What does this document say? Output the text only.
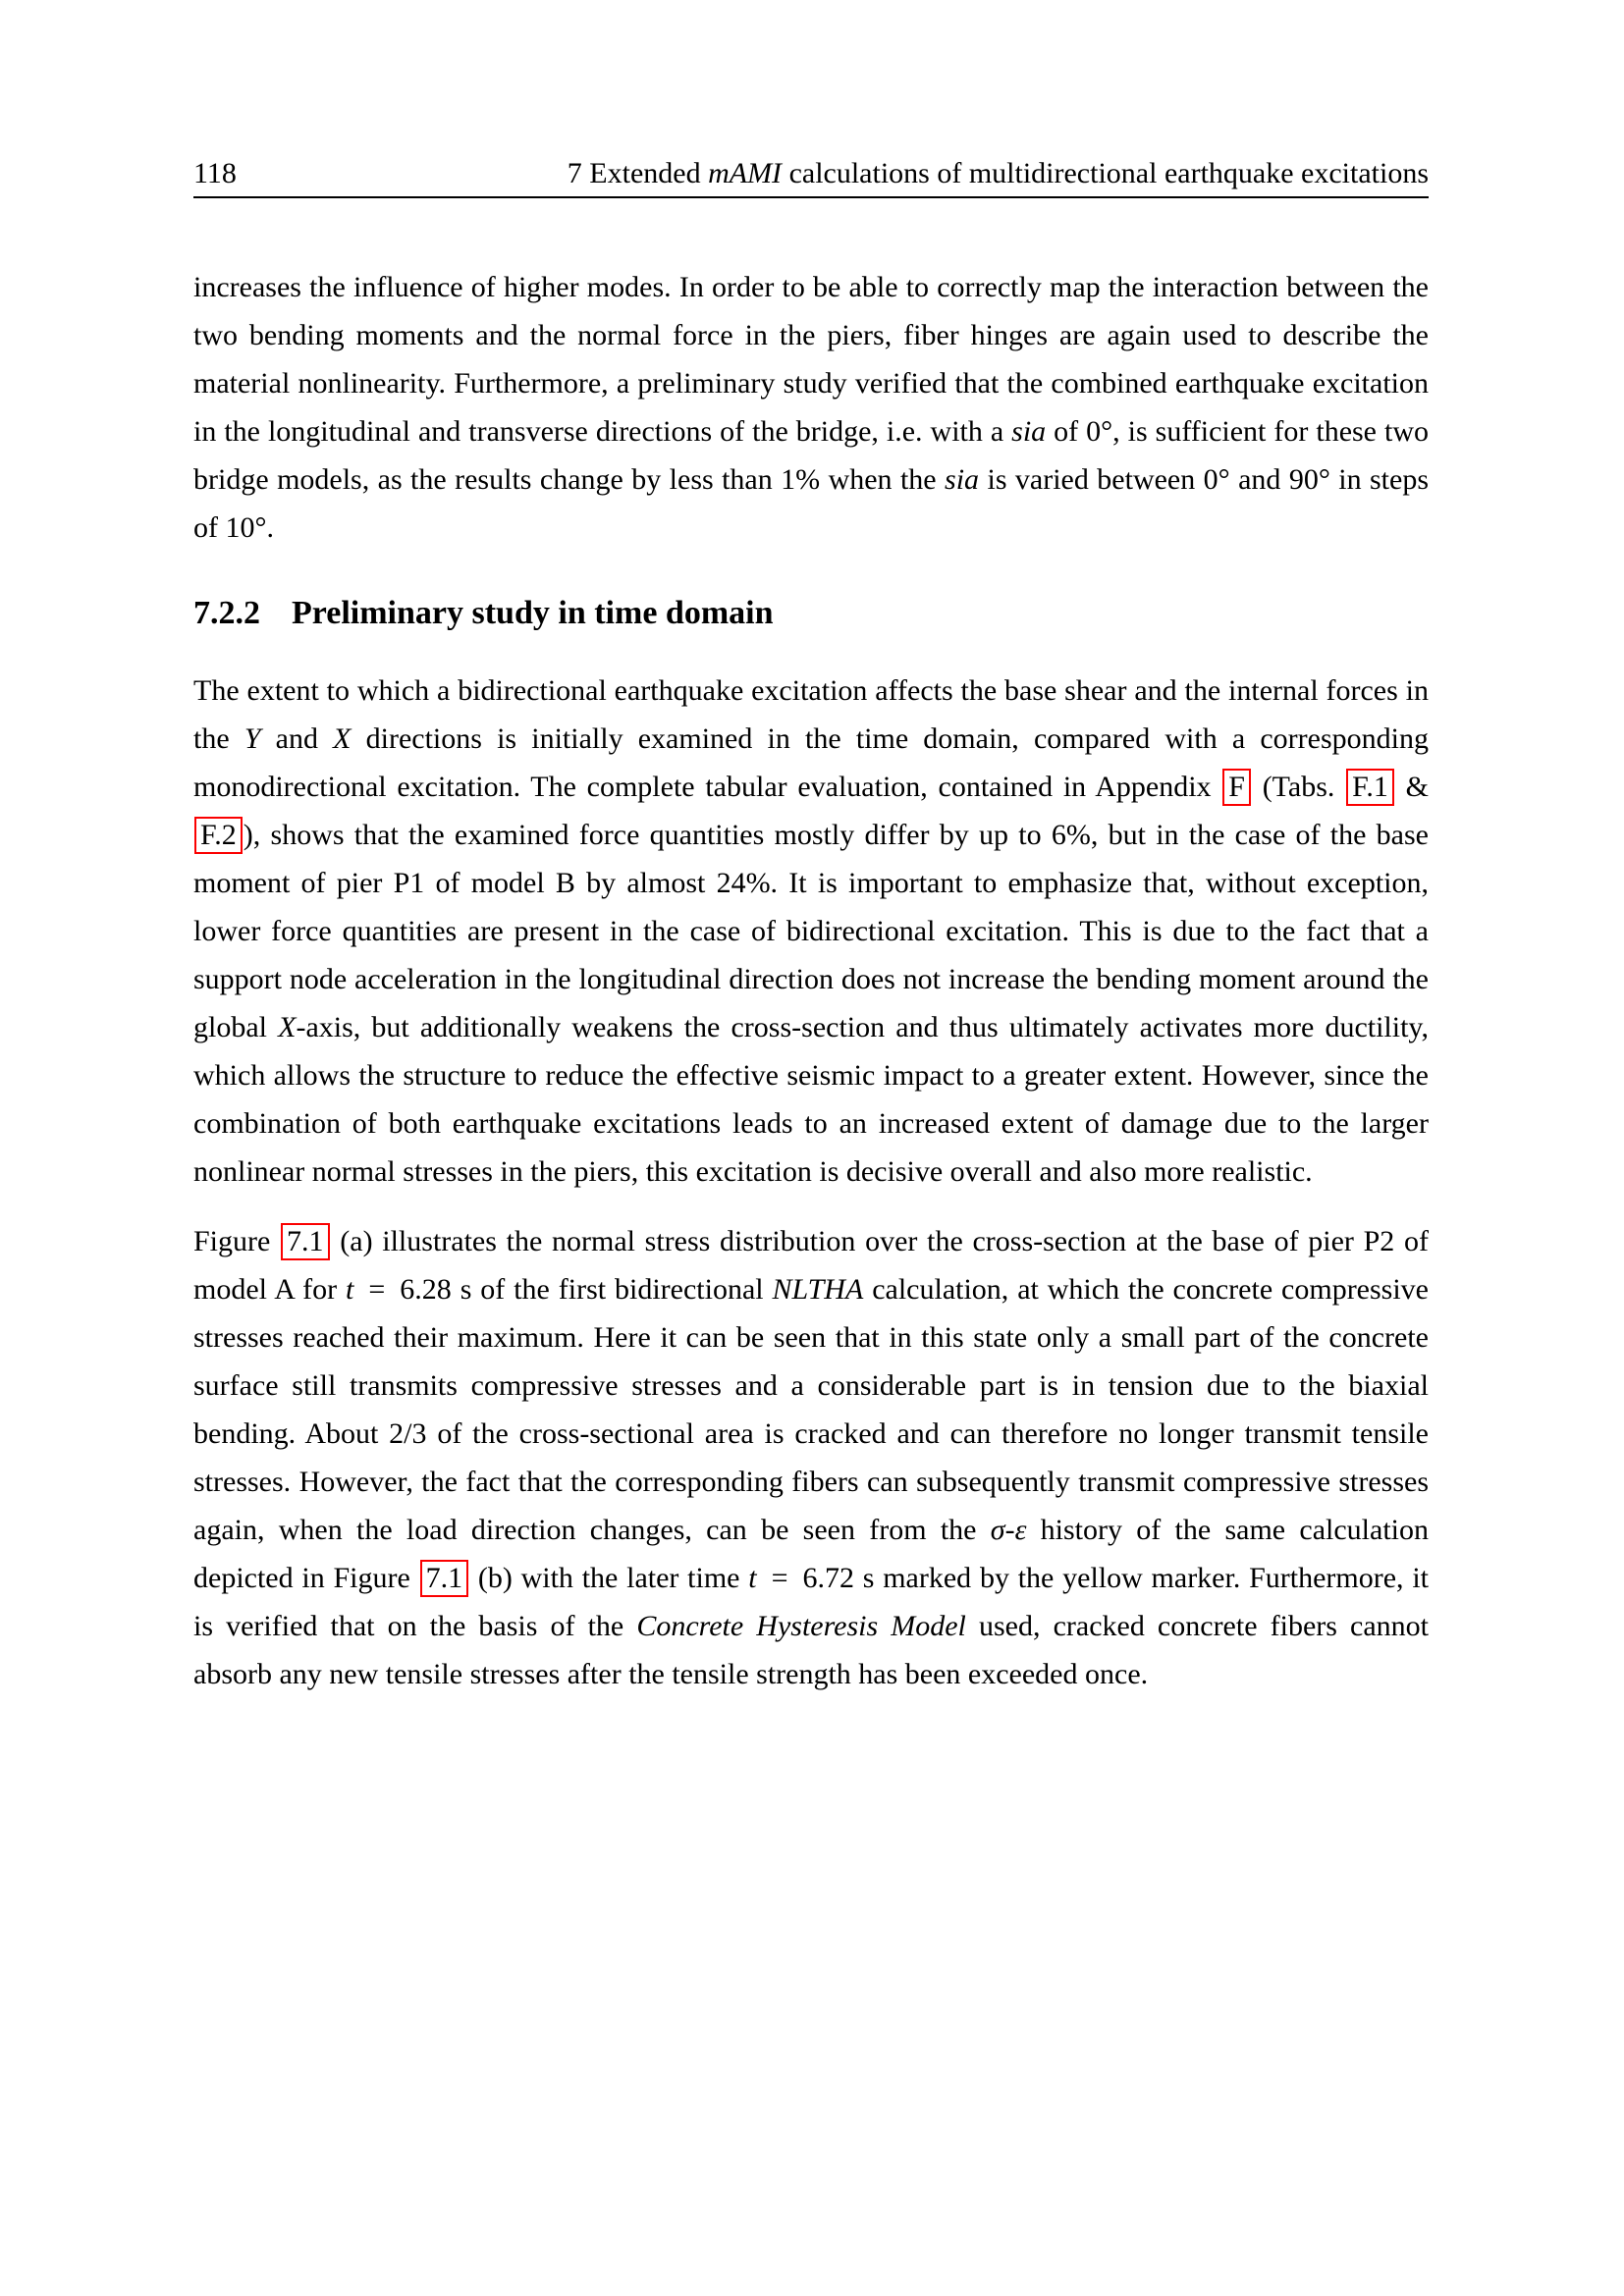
118	7 Extended mAMI calculations of multidirectional earthquake excitations

increases the influence of higher modes. In order to be able to correctly map the interaction between the two bending moments and the normal force in the piers, fiber hinges are again used to describe the material nonlinearity. Furthermore, a preliminary study verified that the combined earthquake excitation in the longitudinal and transverse directions of the bridge, i.e. with a sia of 0°, is sufficient for these two bridge models, as the results change by less than 1% when the sia is varied between 0° and 90° in steps of 10°.

7.2.2 Preliminary study in time domain

The extent to which a bidirectional earthquake excitation affects the base shear and the internal forces in the Y and X directions is initially examined in the time domain, compared with a corresponding monodirectional excitation. The complete tabular evaluation, contained in Appendix F (Tabs. F.1 & F.2 ), shows that the examined force quantities mostly differ by up to 6%, but in the case of the base moment of pier P1 of model B by almost 24%. It is important to emphasize that, without exception, lower force quantities are present in the case of bidirectional excitation. This is due to the fact that a support node acceleration in the longitudinal direction does not increase the bending moment around the global X-axis, but additionally weakens the cross-section and thus ultimately activates more ductility, which allows the structure to reduce the effective seismic impact to a greater extent. However, since the combination of both earthquake excitations leads to an increased extent of damage due to the larger nonlinear normal stresses in the piers, this excitation is decisive overall and also more realistic.

Figure 7.1 (a) illustrates the normal stress distribution over the cross-section at the base of pier P2 of model A for t = 6.28 s of the first bidirectional NLTHA calculation, at which the concrete compressive stresses reached their maximum. Here it can be seen that in this state only a small part of the concrete surface still transmits compressive stresses and a considerable part is in tension due to the biaxial bending. About 2/3 of the cross-sectional area is cracked and can therefore no longer transmit tensile stresses. However, the fact that the corresponding fibers can subsequently transmit compressive stresses again, when the load direction changes, can be seen from the σ-ε history of the same calculation depicted in Figure 7.1 (b) with the later time t = 6.72 s marked by the yellow marker. Furthermore, it is verified that on the basis of the Concrete Hysteresis Model used, cracked concrete fibers cannot absorb any new tensile stresses after the tensile strength has been exceeded once.
